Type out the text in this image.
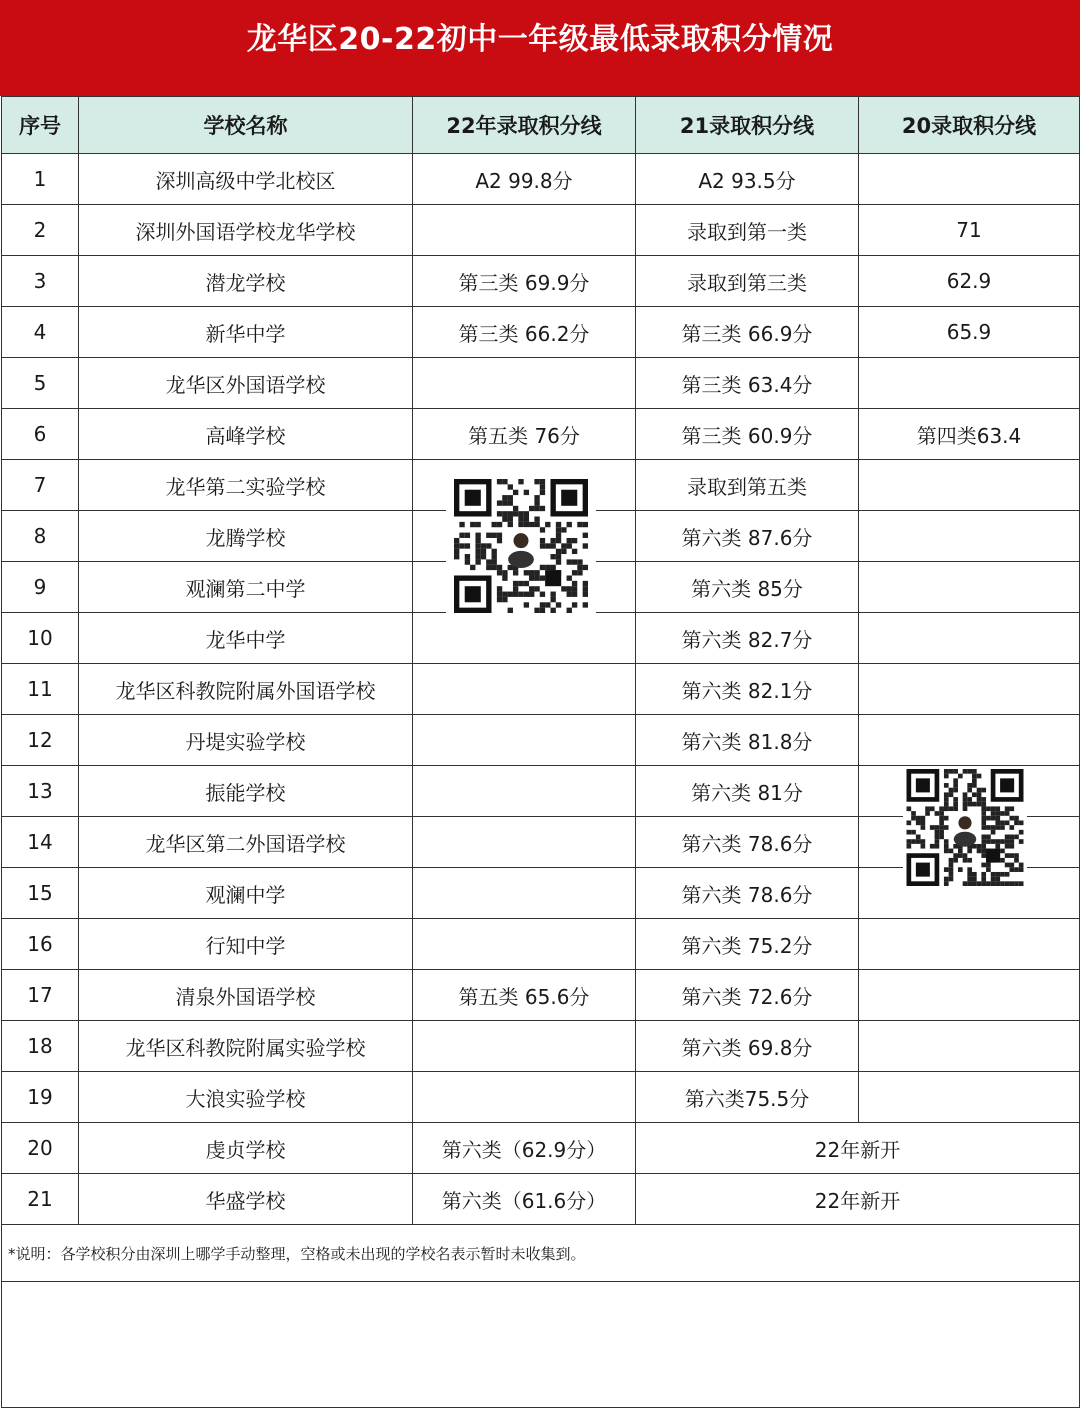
龙华区20-22初中一年级最低录取积分情况
序号	学校名称	22年录取积分线	21录取积分线	20录取积分线
1	深圳高级中学北校区	A2 99.8分	A2 93.5分	
2	深圳外国语学校龙华学校		录取到第一类	71
3	潜龙学校	第三类 69.9分	录取到第三类	62.9
4	新华中学	第三类 66.2分	第三类 66.9分	65.9
5	龙华区外国语学校		第三类 63.4分	
6	高峰学校	第五类 76分	第三类 60.9分	第四类63.4
7	龙华第二实验学校		录取到第五类	
8	龙腾学校		第六类 87.6分	
9	观澜第二中学		第六类 85分	
10	龙华中学		第六类 82.7分	
11	龙华区科教院附属外国语学校		第六类 82.1分	
12	丹堤实验学校		第六类 81.8分	
13	振能学校		第六类 81分	
14	龙华区第二外国语学校		第六类 78.6分	
15	观澜中学		第六类 78.6分	
16	行知中学		第六类 75.2分	
17	清泉外国语学校	第五类 65.6分	第六类 72.6分	
18	龙华区科教院附属实验学校		第六类 69.8分	
19	大浪实验学校		第六类75.5分	
20	虔贞学校	第六类（62.9分）	22年新开	
21	华盛学校	第六类（61.6分）	22年新开	
*说明：各学校积分由深圳上哪学手动整理，空格或未出现的学校名表示暂时未收集到。				
